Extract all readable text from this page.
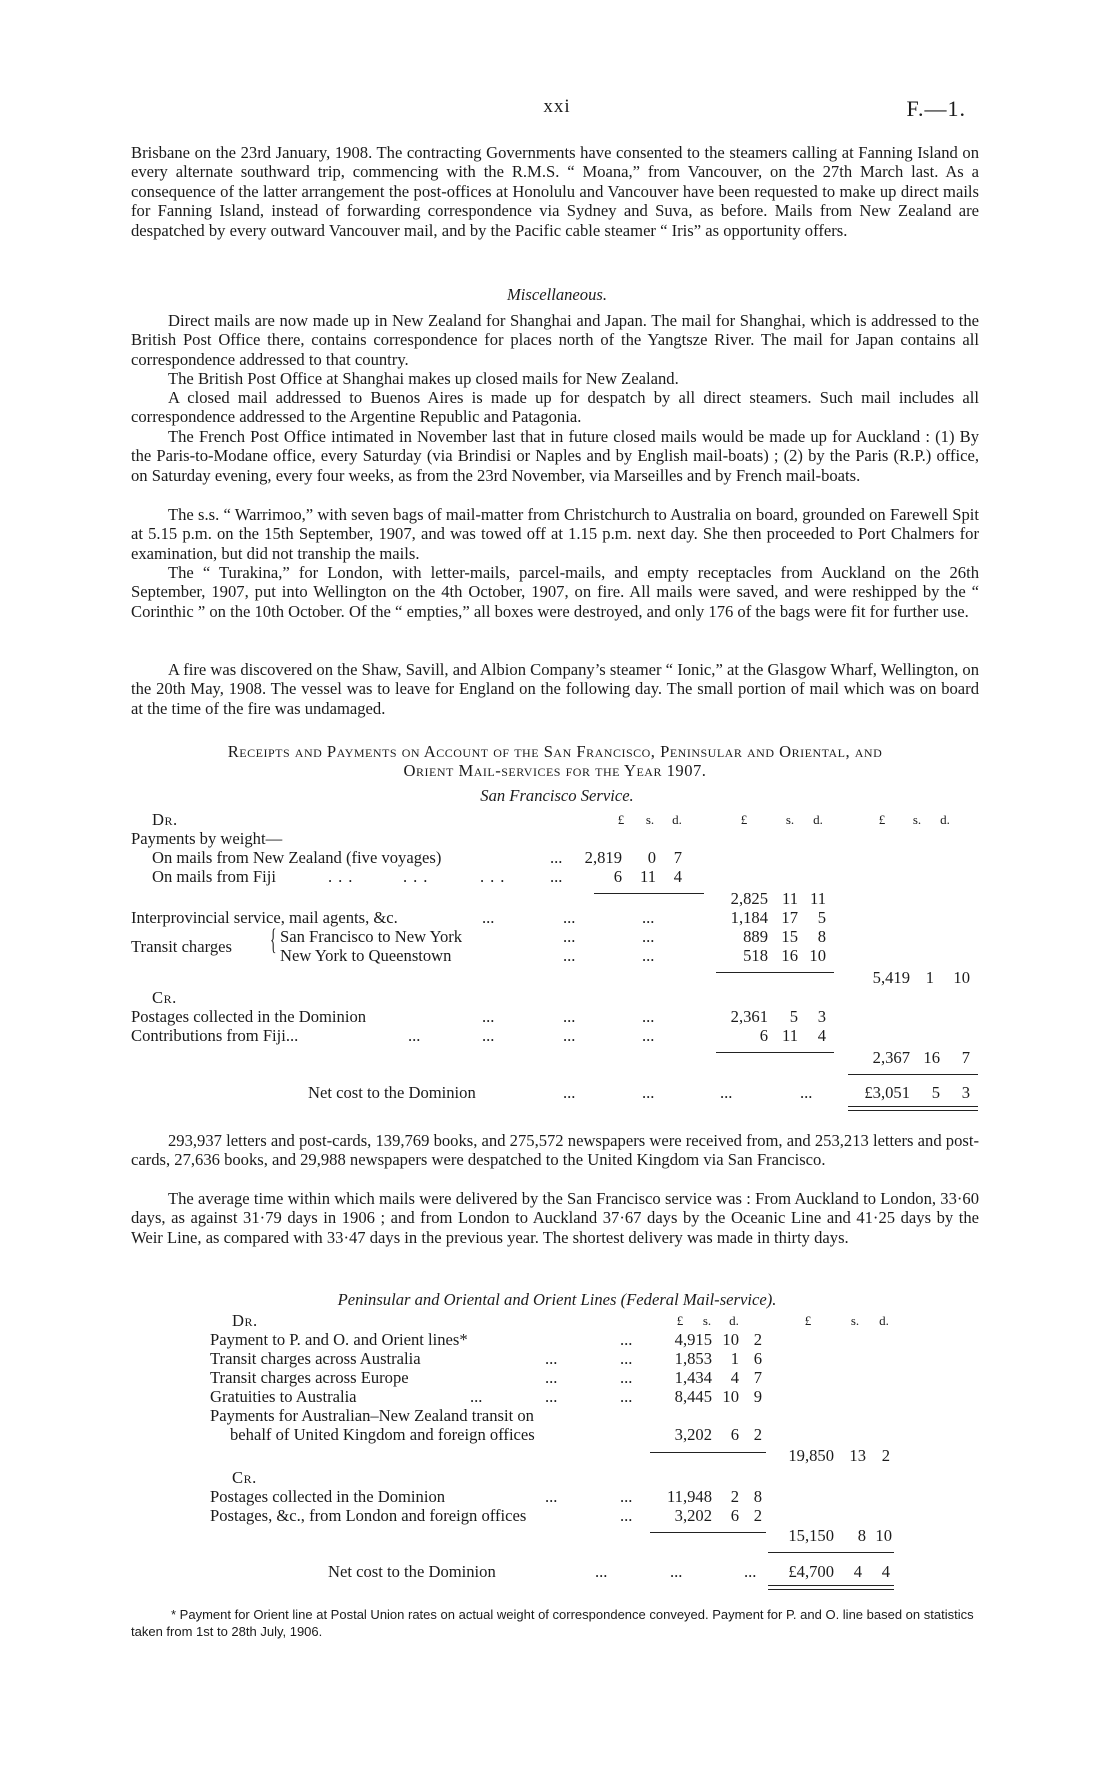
xxi	F.—1.
Brisbane on the 23rd January, 1908. The contracting Governments have consented to the steamers calling at Fanning Island on every alternate southward trip, commencing with the R.M.S. “ Moana,” from Vancouver, on the 27th March last. As a consequence of the latter arrangement the post-offices at Honolulu and Vancouver have been requested to make up direct mails for Fanning Island, instead of forwarding correspondence via Sydney and Suva, as before. Mails from New Zealand are despatched by every outward Vancouver mail, and by the Pacific cable steamer “ Iris” as opportunity offers.
Miscellaneous.
Direct mails are now made up in New Zealand for Shanghai and Japan. The mail for Shanghai, which is addressed to the British Post Office there, contains correspondence for places north of the Yangtsze River. The mail for Japan contains all correspondence addressed to that country.
The British Post Office at Shanghai makes up closed mails for New Zealand.
A closed mail addressed to Buenos Aires is made up for despatch by all direct steamers. Such mail includes all correspondence addressed to the Argentine Republic and Patagonia.
The French Post Office intimated in November last that in future closed mails would be made up for Auckland : (1) By the Paris-to-Modane office, every Saturday (via Brindisi or Naples and by English mail-boats) ; (2) by the Paris (R.P.) office, on Saturday evening, every four weeks, as from the 23rd November, via Marseilles and by French mail-boats.
The s.s. “ Warrimoo,” with seven bags of mail-matter from Christchurch to Australia on board, grounded on Farewell Spit at 5.15 p.m. on the 15th September, 1907, and was towed off at 1.15 p.m. next day. She then proceeded to Port Chalmers for examination, but did not tranship the mails.
The “ Turakina,” for London, with letter-mails, parcel-mails, and empty receptacles from Auckland on the 26th September, 1907, put into Wellington on the 4th October, 1907, on fire. All mails were saved, and were reshipped by the “ Corinthic ” on the 10th October. Of the “ empties,” all boxes were destroyed, and only 176 of the bags were fit for further use.
A fire was discovered on the Shaw, Savill, and Albion Company’s steamer “ Ionic,” at the Glasgow Wharf, Wellington, on the 20th May, 1908. The vessel was to leave for England on the following day. The small portion of mail which was on board at the time of the fire was undamaged.
Receipts and Payments on Account of the San Francisco, Peninsular and Oriental, and
Orient Mail-services for the Year 1907.
San Francisco Service.
£	s.	d.	£	s.	d.	£	s.	d.
Dr.
Payments by weight—
On mails from New Zealand (five voyages)	...	2,819	0	7
On mails from Fiji	...	...	... ...	6 11	4
2,825 11 11
Interprovincial service, mail agents, &c.	...	...	...	1,184 17	5
Transit charges { San Francisco to New York	...	...	889 15	8
New York to Queenstown	...	...	518 16 10
5,419 1	10
Cr.
Postages collected in the Dominion	...	...	...	2,361	5	3
Contributions from Fiji...	...	...	...	...	6 11	4
2,367 16	7
Net cost to the Dominion	...	...	...	...	£3,051	5	3
293,937 letters and post-cards, 139,769 books, and 275,572 newspapers were received from, and 253,213 letters and post-cards, 27,636 books, and 29,988 newspapers were despatched to the United Kingdom via San Francisco.
The average time within which mails were delivered by the San Francisco service was : From Auckland to London, 33·60 days, as against 31·79 days in 1906 ; and from London to Auckland 37·67 days by the Oceanic Line and 41·25 days by the Weir Line, as compared with 33·47 days in the previous year. The shortest delivery was made in thirty days.
Peninsular and Oriental and Orient Lines (Federal Mail-service).
£	s.	d.	£	s.	d.
Dr.
Payment to P. and O. and Orient lines*	...	4,915 10 2
Transit charges across Australia	...	...	1,853	1 6
Transit charges across Europe	...	...	1,434	4 7
Gratuities to Australia	...	...	...	8,445 10 9
Payments for Australian–New Zealand transit on
behalf of United Kingdom and foreign offices	3,202	6 2
19,850 13 2
Cr.
Postages collected in the Dominion	...	...	11,948	2 8
Postages, &c., from London and foreign offices	...	3,202	6 2
15,150	8 10
Net cost to the Dominion	...	...	...	£4,700	4	4
* Payment for Orient line at Postal Union rates on actual weight of correspondence conveyed. Payment for P. and O. line based on statistics taken from 1st to 28th July, 1906.
